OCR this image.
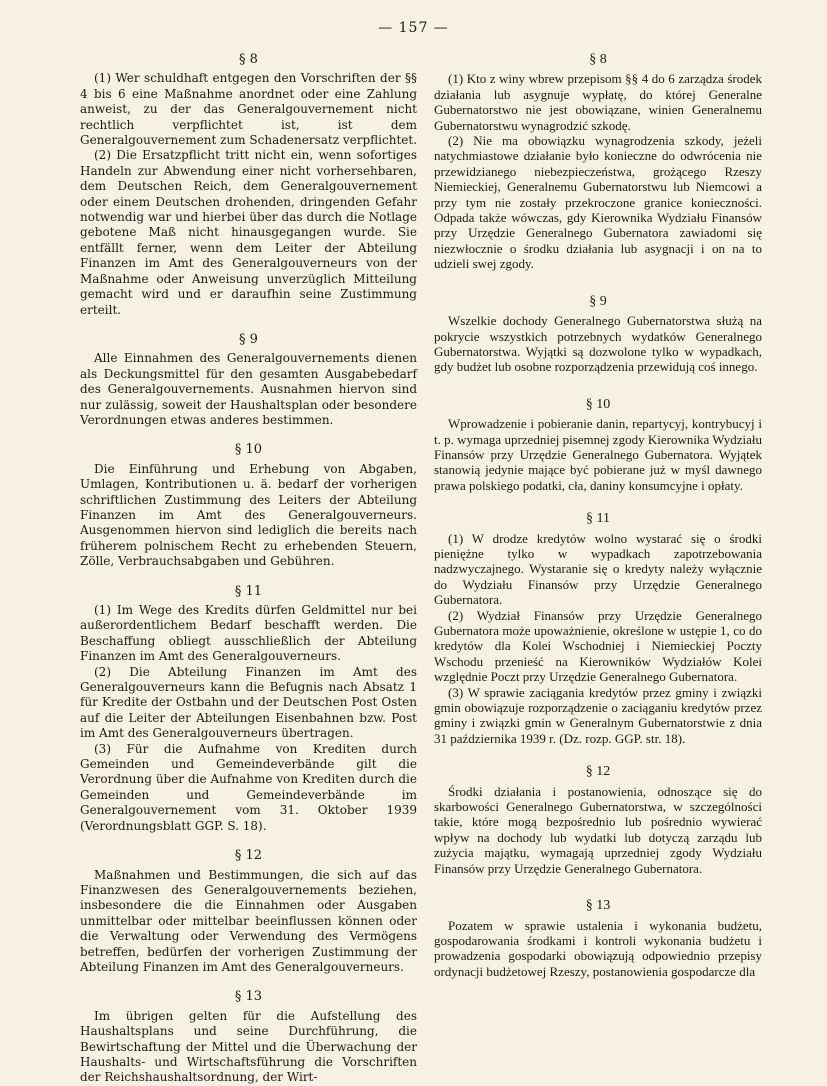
— 157 —
§ 8

(1) Wer schuldhaft entgegen den Vorschriften der §§ 4 bis 6 eine Maßnahme anordnet oder eine Zahlung anweist, zu der das Generalgouvernement nicht rechtlich verpflichtet ist, ist dem Generalgouvernement zum Schadenersatz verpflichtet.

(2) Die Ersatzpflicht tritt nicht ein, wenn sofortiges Handeln zur Abwendung einer nicht vorhersehbaren, dem Deutschen Reich, dem Generalgouvernement oder einem Deutschen drohenden, dringenden Gefahr notwendig war und hierbei über das durch die Notlage gebotene Maß nicht hinausgegangen wurde. Sie entfällt ferner, wenn dem Leiter der Abteilung Finanzen im Amt des Generalgouverneurs von der Maßnahme oder Anweisung unverzüglich Mitteilung gemacht wird und er daraufhin seine Zustimmung erteilt.

§ 9

Alle Einnahmen des Generalgouvernements dienen als Deckungsmittel für den gesamten Ausgabebedarf des Generalgouvernements. Ausnahmen hiervon sind nur zulässig, soweit der Haushaltsplan oder besondere Verordnungen etwas anderes bestimmen.

§ 10

Die Einführung und Erhebung von Abgaben, Umlagen, Kontributionen u. ä. bedarf der vorherigen schriftlichen Zustimmung des Leiters der Abteilung Finanzen im Amt des Generalgouverneurs. Ausgenommen hiervon sind lediglich die bereits nach früherem polnischem Recht zu erhebenden Steuern, Zölle, Verbrauchsabgaben und Gebühren.

§ 11

(1) Im Wege des Kredits dürfen Geldmittel nur bei außerordentlichem Bedarf beschafft werden. Die Beschaffung obliegt ausschließlich der Abteilung Finanzen im Amt des Generalgouverneurs.

(2) Die Abteilung Finanzen im Amt des Generalgouverneurs kann die Befugnis nach Absatz 1 für Kredite der Ostbahn und der Deutschen Post Osten auf die Leiter der Abteilungen Eisenbahnen bzw. Post im Amt des Generalgouverneurs übertragen.

(3) Für die Aufnahme von Krediten durch Gemeinden und Gemeindeverbände gilt die Verordnung über die Aufnahme von Krediten durch die Gemeinden und Gemeindeverbände im Generalgouvernement vom 31. Oktober 1939 (Verordnungsblatt GGP. S. 18).

§ 12

Maßnahmen und Bestimmungen, die sich auf das Finanzwesen des Generalgouvernements beziehen, insbesondere die die Einnahmen oder Ausgaben unmittelbar oder mittelbar beeinflussen können oder die Verwaltung oder Verwendung des Vermögens betreffen, bedürfen der vorherigen Zustimmung der Abteilung Finanzen im Amt des Generalgouverneurs.

§ 13

Im übrigen gelten für die Aufstellung des Haushaltsplans und seine Durchführung, die Bewirtschaftung der Mittel und die Überwachung der Haushalts- und Wirtschaftsführung die Vorschriften der Reichshaushaltsordnung, der Wirt-

§ 8

(1) Kto z winy wbrew przepisom §§ 4 do 6 zarządza środek działania lub asygnuje wypłatę, do której Generalne Gubernatorstwo nie jest obowiązane, winien Generalnemu Gubernatorstwu wynagrodzić szkodę.

(2) Nie ma obowiązku wynagrodzenia szkody, jeżeli natychmiastowe działanie było konieczne do odwrócenia nie przewidzianego niebezpieczeństwa, grożącego Rzeszy Niemieckiej, Generalnemu Gubernatorstwu lub Niemcowi a przy tym nie zostały przekroczone granice konieczności. Odpada także wówczas, gdy Kierownika Wydziału Finansów przy Urzędzie Generalnego Gubernatora zawiadomi się niezwłocznie o środku działania lub asygnacji i on na to udzieli swej zgody.

§ 9

Wszelkie dochody Generalnego Gubernatorstwa służą na pokrycie wszystkich potrzebnych wydatków Generalnego Gubernatorstwa. Wyjątki są dozwolone tylko w wypadkach, gdy budżet lub osobne rozporządzenia przewidują coś innego.

§ 10

Wprowadzenie i pobieranie danin, repartycyj, kontrybucyj i t. p. wymaga uprzedniej pisemnej zgody Kierownika Wydziału Finansów przy Urzędzie Generalnego Gubernatora. Wyjątek stanowią jedynie mające być pobierane już w myśl dawnego prawa polskiego podatki, cła, daniny konsumcyjne i opłaty.

§ 11

(1) W drodze kredytów wolno wystarać się o środki pieniężne tylko w wypadkach zapotrzebowania nadzwyczajnego. Wystaranie się o kredyty należy wyłącznie do Wydziału Finansów przy Urzędzie Generalnego Gubernatora.

(2) Wydział Finansów przy Urzędzie Generalnego Gubernatora może upoważnienie, określone w ustępie 1, co do kredytów dla Kolei Wschodniej i Niemieckiej Poczty Wschodu przenieść na Kierowników Wydziałów Kolei względnie Poczt przy Urzędzie Generalnego Gubernatora.

(3) W sprawie zaciągania kredytów przez gminy i związki gmin obowiązuje rozporządzenie o zaciąganiu kredytów przez gminy i związki gmin w Generalnym Gubernatorstwie z dnia 31 października 1939 r. (Dz. rozp. GGP. str. 18).

§ 12

Środki działania i postanowienia, odnoszące się do skarbowości Generalnego Gubernatorstwa, w szczególności takie, które mogą bezpośrednio lub pośrednio wywierać wpływ na dochody lub wydatki lub dotyczą zarządu lub zużycia majątku, wymagają uprzedniej zgody Wydziału Finansów przy Urzędzie Generalnego Gubernatora.

§ 13

Pozatem w sprawie ustalenia i wykonania budżetu, gospodarowania środkami i kontroli wykonania budżetu i prowadzenia gospodarki obowiązują odpowiednio przepisy ordynacji budżetowej Rzeszy, postanowienia gospodarcze dla
